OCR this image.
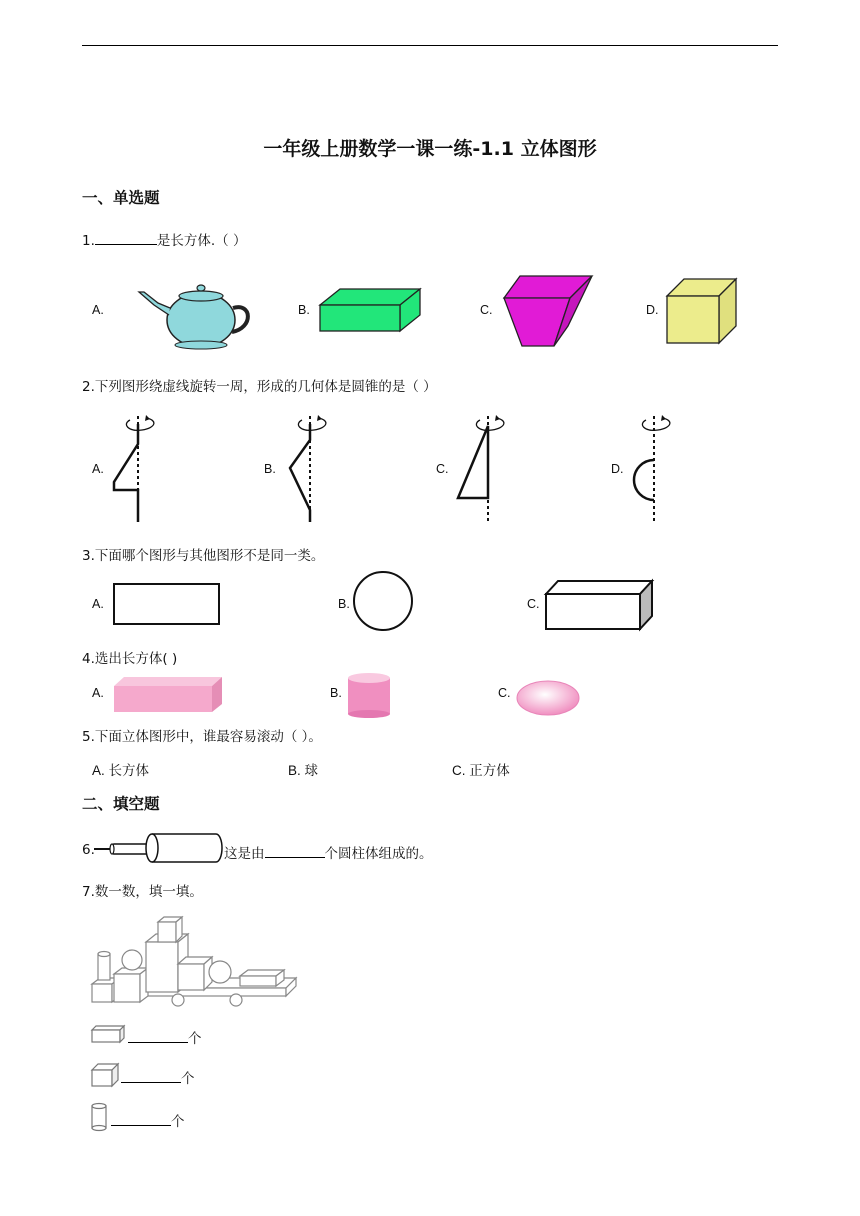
一年级上册数学一课一练-1.1 立体图形
一、单选题
1.	是长方体.（ ）
A.	B.	C.	D.
2.下列图形绕虚线旋转一周，形成的几何体是圆锥的是（ ）
A.	B.	C.	D.
3.下面哪个图形与其他图形不是同一类。
A.	B.	C.
4.选出长方体( )
A.	B.	C.
5.下面立体图形中，谁最容易滚动（ ）。
A. 长方体	B. 球	C. 正方体
二、填空题
6.	这是由	个圆柱体组成的。
7.数一数，填一填。
个
个
个
